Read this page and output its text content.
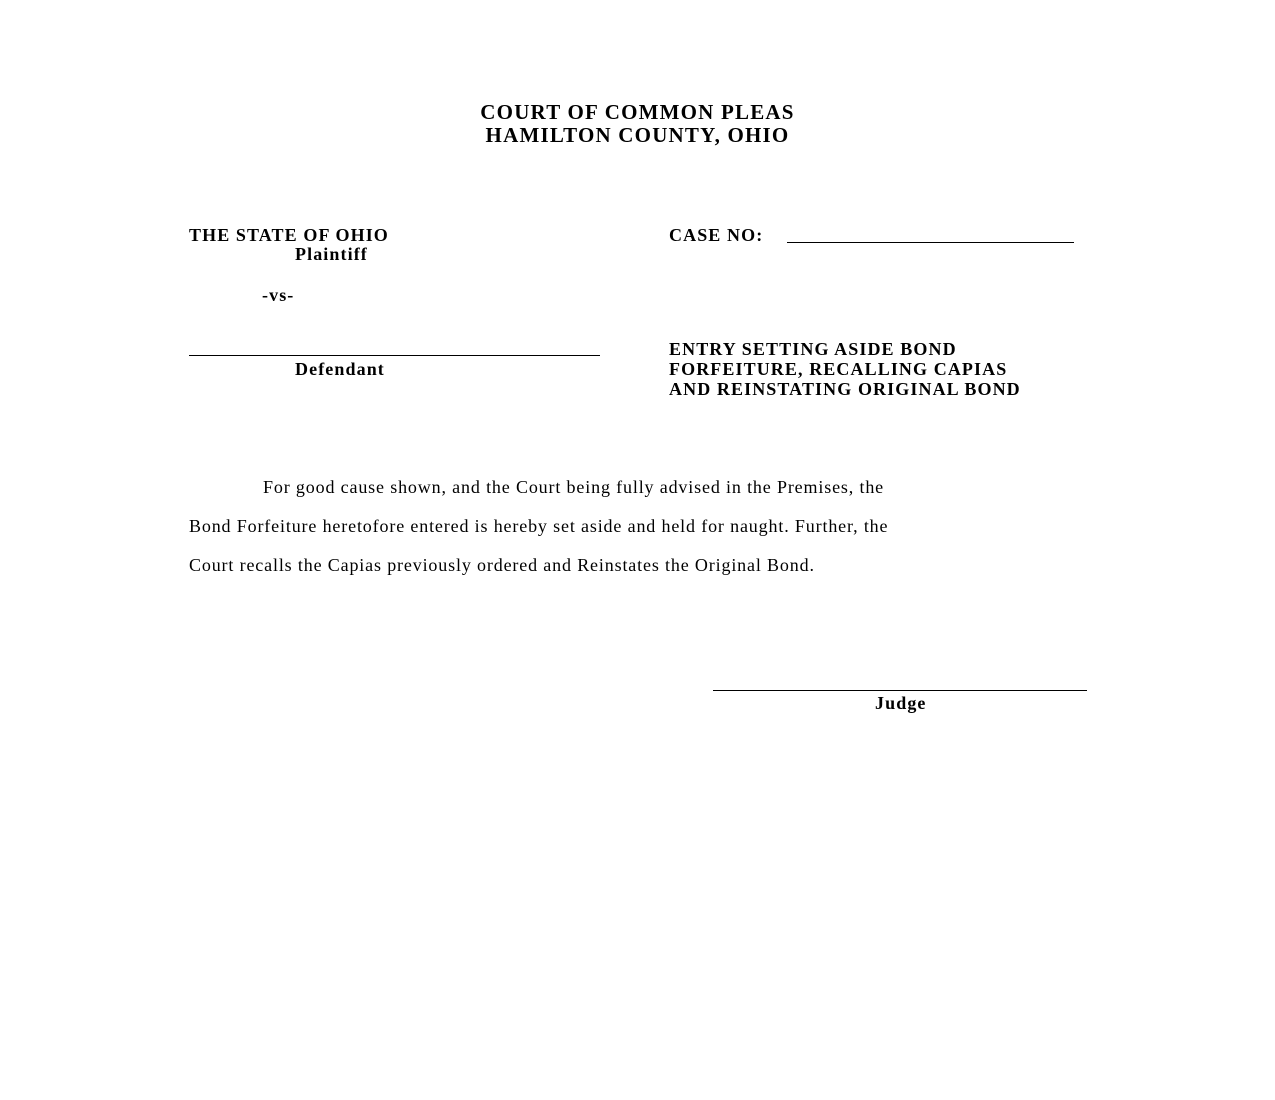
COURT OF COMMON PLEAS
HAMILTON COUNTY, OHIO
THE STATE OF OHIO
Plaintiff
-vs-
Defendant
CASE NO:
ENTRY SETTING ASIDE BOND
FORFEITURE, RECALLING CAPIAS
AND REINSTATING ORIGINAL BOND
For good cause shown, and the Court being fully advised in the Premises, the
Bond Forfeiture heretofore entered is hereby set aside and held for naught. Further, the
Court recalls the Capias previously ordered and Reinstates the Original Bond.
Judge
